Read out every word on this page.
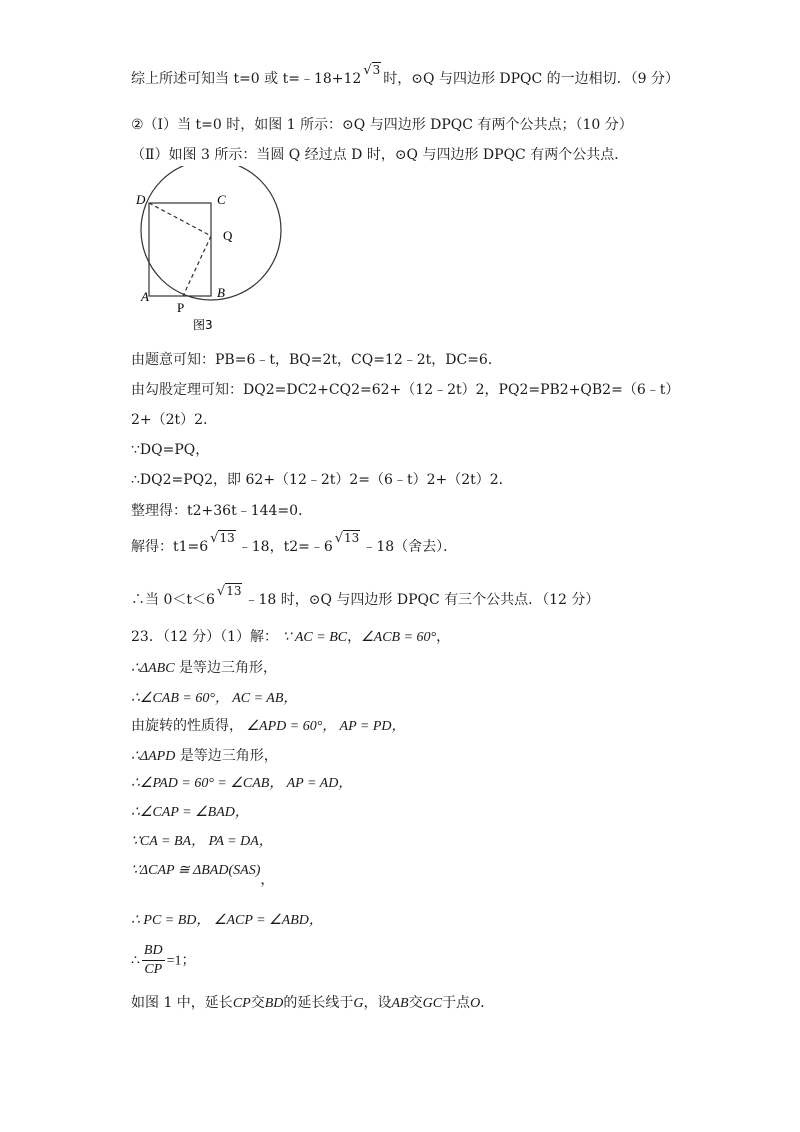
综上所述可知当 t=0 或 t=﹣18+12√3时，⊙Q 与四边形 DPQC 的一边相切．（9 分）
②（Ⅰ）当 t=0 时，如图 1 所示：⊙Q 与四边形 DPQC 有两个公共点；（10 分）
（Ⅱ）如图 3 所示：当圆 Q 经过点 D 时，⊙Q 与四边形 DPQC 有两个公共点．
D	C
Q
A	B
P
图3
由题意可知：PB=6﹣t，BQ=2t，CQ=12﹣2t，DC=6．
由勾股定理可知：DQ2=DC2+CQ2=62+（12﹣2t）2，PQ2=PB2+QB2=（6﹣t）
2+（2t）2．
∵DQ=PQ，
∴DQ2=PQ2，即 62+（12﹣2t）2=（6﹣t）2+（2t）2．
整理得：t2+36t﹣144=0．
解得：t1=6√13﹣18，t2=﹣6√13﹣18（舍去）．
∴当 0＜t＜6√13﹣18 时，⊙Q 与四边形 DPQC 有三个公共点．（12 分）
23．（12 分）（1）解： ∵ AC = BC，∠ACB = 60°，
∴ΔABC 是等边三角形，
∴∠CAB = 60°， AC = AB，
由旋转的性质得， ∠APD = 60°， AP = PD，
∴ΔAPD 是等边三角形，
∴∠PAD = 60° = ∠CAB， AP = AD，
∴∠CAP = ∠BAD，
∵CA = BA， PA = DA，
∵ΔCAP ≅ ΔBAD(SAS)，
∴ PC = BD， ∠ACP = ∠ABD，
∴ $\frac{BD}{CP} =1$；
如图 1 中，延长CP交BD的延长线于G，设AB交GC于点O．
